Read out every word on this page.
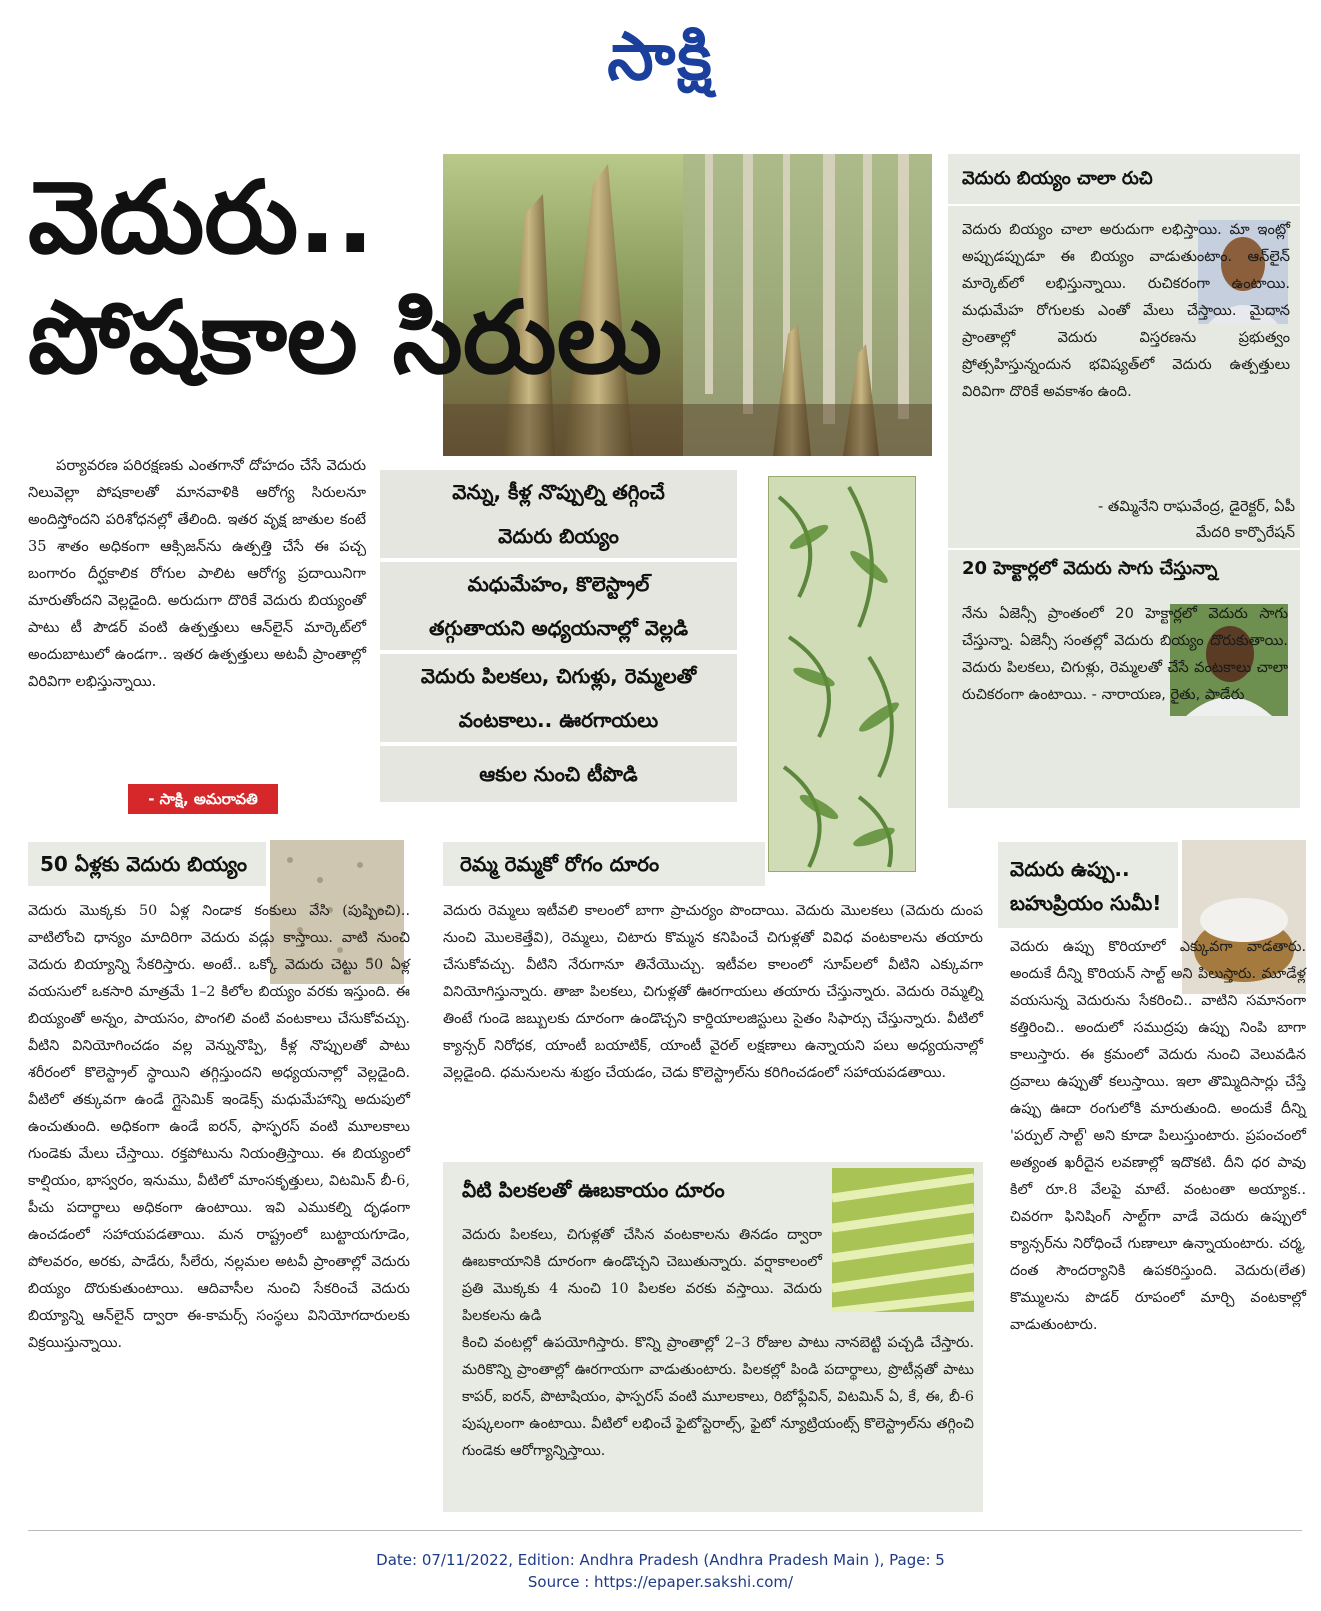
సాక్షి
వెదురు..
పోషకాల సిరులు

పర్యావరణ పరిరక్షణకు ఎంతగానో దోహదం చేసే వెదురు నిలువెల్లా పోషకాలతో మానవాళికి ఆరోగ్య సిరులనూ అందిస్తోందని పరిశోధనల్లో తేలింది. ఇతర వృక్ష జాతుల కంటే 35 శాతం అధికంగా ఆక్సిజన్‌ను ఉత్పత్తి చేసే ఈ పచ్చ బంగారం దీర్ఘకాలిక రోగుల పాలిట ఆరోగ్య ప్రదాయినిగా మారుతోందని వెల్లడైంది. అరుదుగా దొరికే వెదురు బియ్యంతో పాటు టీ పౌడర్ వంటి ఉత్పత్తులు ఆన్‌లైన్ మార్కెట్‌లో అందుబాటులో ఉండగా.. ఇతర ఉత్పత్తులు అటవీ ప్రాంతాల్లో విరివిగా లభిస్తున్నాయి.

- సాక్షి, అమరావతి
వెన్ను, కీళ్ల నొప్పుల్ని తగ్గించే
వెదురు బియ్యం
మధుమేహం, కొలెస్ట్రాల్
తగ్గుతాయని అధ్యయనాల్లో వెల్లడి
వెదురు పిలకలు, చిగుళ్లు, రెమ్మలతో
వంటకాలు.. ఊరగాయలు
ఆకుల నుంచి టీపొడి
వెదురు బియ్యం చాలా రుచి

వెదురు బియ్యం చాలా అరుదుగా లభిస్తాయి. మా ఇంట్లో అప్పుడప్పుడూ ఈ బియ్యం వాడుతుంటాం. ఆన్‌లైన్ మార్కెట్‌లో లభిస్తున్నాయి. రుచికరంగా ఉంటాయి. మధుమేహ రోగులకు ఎంతో మేలు చేస్తాయి. మైదాన ప్రాంతాల్లో వెదురు విస్తరణను ప్రభుత్వం ప్రోత్సహిస్తున్నందున భవిష్యత్‌లో వెదురు ఉత్పత్తులు విరివిగా దొరికే అవకాశం ఉంది.

- తమ్మినేని రాఘవేంద్ర, డైరెక్టర్, ఏపీ
మేదరి కార్పొరేషన్
20 హెక్టార్లలో వెదురు సాగు చేస్తున్నా

నేను ఏజెన్సీ ప్రాంతంలో 20 హెక్టార్లలో వెదురు సాగు చేస్తున్నా. ఏజెన్సీ సంతల్లో వెదురు బియ్యం దొరుకుతాయి. వెదురు పిలకలు, చిగుళ్లు, రెమ్మలతో చేసే వంటకాలు చాలా రుచికరంగా ఉంటాయి. - నారాయణ, రైతు, పాడేరు

50 ఏళ్లకు వెదురు బియ్యం

వెదురు మొక్కకు 50 ఏళ్ల నిండాక కంకులు వేసి (పుష్పించి).. వాటిలోంచి ధాన్యం మాదిరిగా వెదురు వడ్లు కాస్తాయి. వాటి నుంచి వెదురు బియ్యాన్ని సేకరిస్తారు. అంటే.. ఒక్కో వెదురు చెట్టు 50 ఏళ్ల వయసులో ఒకసారి మాత్రమే 1–2 కిలోల బియ్యం వరకు ఇస్తుంది. ఈ బియ్యంతో అన్నం, పాయసం, పొంగలి వంటి వంటకాలు చేసుకోవచ్చు. వీటిని వినియోగించడం వల్ల వెన్నునొప్పి, కీళ్ల నొప్పులతో పాటు శరీరంలో కొలెస్ట్రాల్ స్థాయిని తగ్గిస్తుందని అధ్యయనాల్లో వెల్లడైంది. వీటిలో తక్కువగా ఉండే గ్లైసెమిక్ ఇండెక్స్ మధుమేహాన్ని అదుపులో ఉంచుతుంది. అధికంగా ఉండే ఐరన్, ఫాస్ఫరస్ వంటి మూలకాలు గుండెకు మేలు చేస్తాయి. రక్తపోటును నియంత్రిస్తాయి. ఈ బియ్యంలో కాల్షియం, భాస్వరం, ఇనుము, వీటిలో మాంసకృత్తులు, విటమిన్ బీ-6, పీచు పదార్థాలు అధికంగా ఉంటాయి. ఇవి ఎముకల్ని దృఢంగా ఉంచడంలో సహాయపడతాయి. మన రాష్ట్రంలో బుట్టాయగూడెం, పోలవరం, అరకు, పాడేరు, సీలేరు, నల్లమల అటవీ ప్రాంతాల్లో వెదురు బియ్యం దొరుకుతుంటాయి. ఆదివాసీల నుంచి సేకరించే వెదురు బియ్యాన్ని ఆన్‌లైన్ ద్వారా ఈ-కామర్స్ సంస్థలు వినియోగదారులకు విక్రయిస్తున్నాయి.

రెమ్మ రెమ్మకో రోగం దూరం

వెదురు రెమ్మలు ఇటీవలి కాలంలో బాగా ప్రాచుర్యం పొందాయి. వెదురు మొలకలు (వెదురు దుంప నుంచి మొలకెత్తేవి), రెమ్మలు, చిటారు కొమ్మన కనిపించే చిగుళ్లతో వివిధ వంటకాలను తయారు చేసుకోవచ్చు. వీటిని నేరుగానూ తినేయొచ్చు. ఇటీవల కాలంలో సూప్‌లలో వీటిని ఎక్కువగా వినియోగిస్తున్నారు. తాజా పిలకలు, చిగుళ్లతో ఊరగాయలు తయారు చేస్తున్నారు. వెదురు రెమ్మల్ని తింటే గుండె జబ్బులకు దూరంగా ఉండొచ్చని కార్డియాలజిస్టులు సైతం సిఫార్సు చేస్తున్నారు. వీటిలో క్యాన్సర్ నిరోధక, యాంటీ బయాటిక్, యాంటీ వైరల్ లక్షణాలు ఉన్నాయని పలు అధ్యయనాల్లో వెల్లడైంది. ధమనులను శుభ్రం చేయడం, చెడు కొలెస్ట్రాల్‌ను కరిగించడంలో సహాయపడతాయి.

వీటి పిలకలతో ఊబకాయం దూరం

వెదురు పిలకలు, చిగుళ్లతో చేసిన వంటకాలను తినడం ద్వారా ఊబకాయానికి దూరంగా ఉండొచ్చని చెబుతున్నారు. వర్షాకాలంలో ప్రతి మొక్కకు 4 నుంచి 10 పిలకల వరకు వస్తాయి. వెదురు పిలకలను ఉడి

కించి వంటల్లో ఉపయోగిస్తారు. కొన్ని ప్రాంతాల్లో 2–3 రోజుల పాటు నానబెట్టి పచ్చడి చేస్తారు. మరికొన్ని ప్రాంతాల్లో ఊరగాయగా వాడుతుంటారు. పిలకల్లో పిండి పదార్థాలు, ప్రొటీన్లతో పాటు కాపర్, ఐరన్, పొటాషియం, ఫాస్పరస్ వంటి మూలకాలు, రిబోఫ్లేవిన్, విటమిన్ ఏ, కే, ఈ, బీ-6 పుష్కలంగా ఉంటాయి. వీటిలో లభించే ఫైటోస్టెరాల్స్, ఫైటో న్యూట్రియంట్స్ కొలెస్ట్రాల్‌ను తగ్గించి గుండెకు ఆరోగ్యాన్నిస్తాయి.

వెదురు ఉప్పు..
బహుప్రియం సుమీ!

వెదురు ఉప్పు కొరియాలో ఎక్కువగా వాడతారు. అందుకే దీన్ని కొరియన్ సాల్ట్ అని పిలుస్తారు. మూడేళ్ల వయసున్న వెదురును సేకరించి.. వాటిని సమానంగా కత్తిరించి.. అందులో సముద్రపు ఉప్పు నింపి బాగా కాలుస్తారు. ఈ క్రమంలో వెదురు నుంచి వెలువడిన ద్రవాలు ఉప్పుతో కలుస్తాయి. ఇలా తొమ్మిదిసార్లు చేస్తే ఉప్పు ఊదా రంగులోకి మారుతుంది. అందుకే దీన్ని 'పర్పుల్ సాల్ట్' అని కూడా పిలుస్తుంటారు. ప్రపంచంలో అత్యంత ఖరీదైన లవణాల్లో ఇదొకటి. దీని ధర పావు కిలో రూ.8 వేలపై మాటే. వంటంతా అయ్యాక.. చివరగా ఫినిషింగ్ సాల్ట్‌గా వాడే వెదురు ఉప్పులో క్యాన్సర్‌ను నిరోధించే గుణాలూ ఉన్నాయంటారు. చర్మ, దంత సౌందర్యానికి ఉపకరిస్తుంది. వెదురు(లేత) కొమ్ములను పొడర్ రూపంలో మార్చి వంటకాల్లో వాడుతుంటారు.

Date: 07/11/2022, Edition: Andhra Pradesh (Andhra Pradesh Main ), Page: 5
Source : https://epaper.sakshi.com/
